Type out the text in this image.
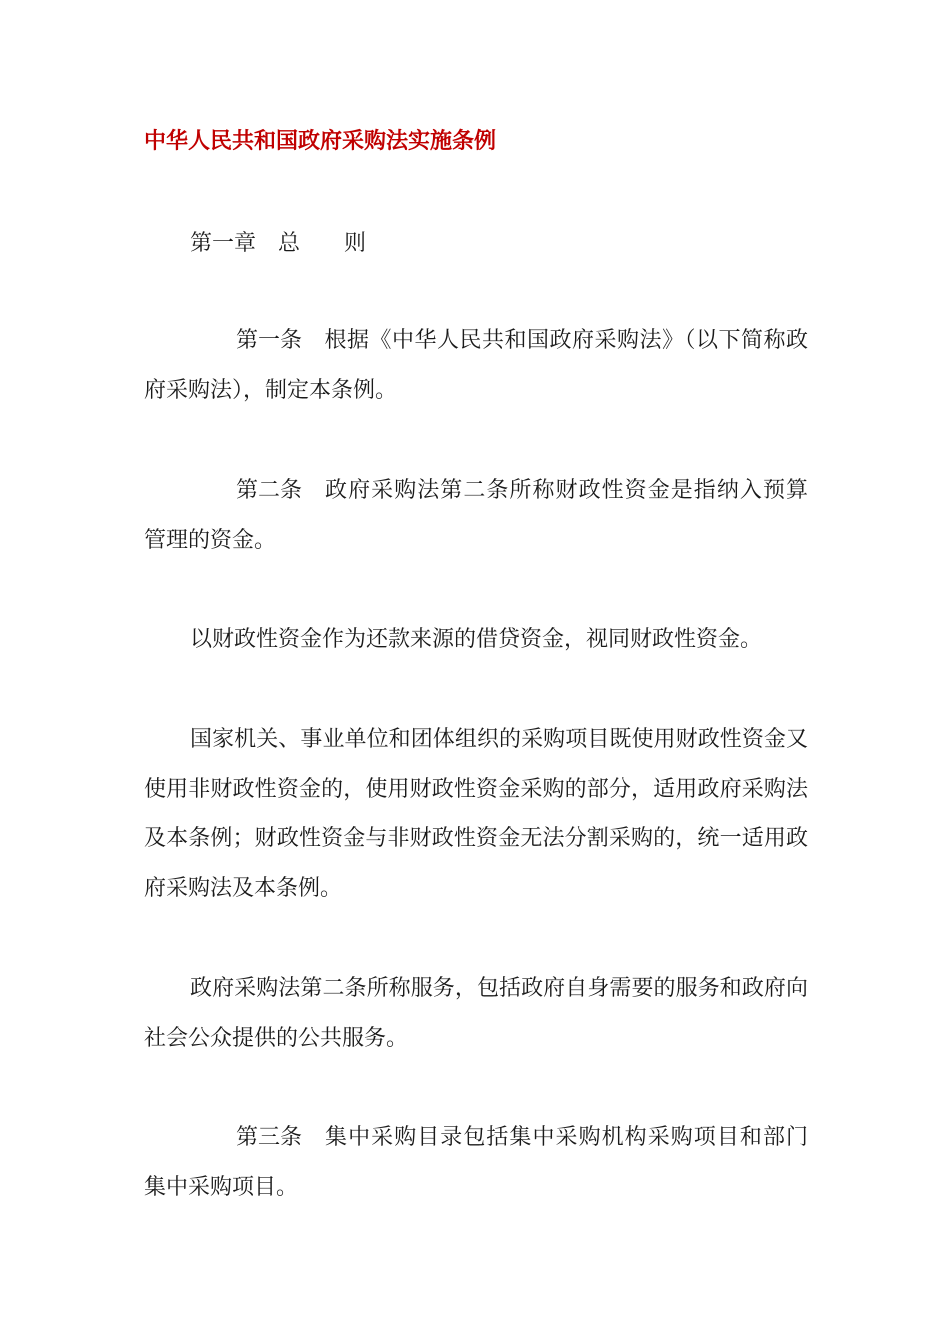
中华人民共和国政府采购法实施条例
第一章 总 则
第一条 根据《中华人民共和国政府采购法》（以下简称政府采购法），制定本条例。
第二条 政府采购法第二条所称财政性资金是指纳入预算管理的资金。
以财政性资金作为还款来源的借贷资金，视同财政性资金。
国家机关、事业单位和团体组织的采购项目既使用财政性资金又使用非财政性资金的，使用财政性资金采购的部分，适用政府采购法及本条例；财政性资金与非财政性资金无法分割采购的，统一适用政府采购法及本条例。
政府采购法第二条所称服务，包括政府自身需要的服务和政府向社会公众提供的公共服务。
第三条 集中采购目录包括集中采购机构采购项目和部门集中采购项目。
